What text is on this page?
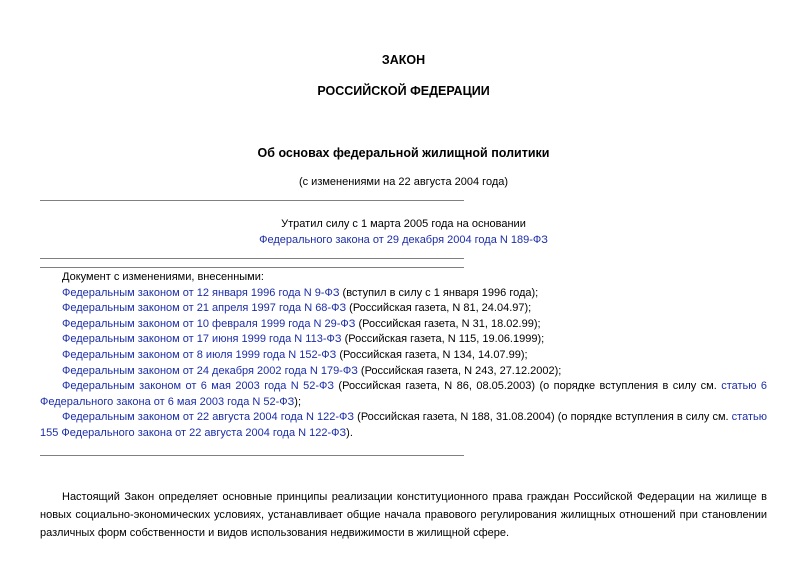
ЗАКОН
РОССИЙСКОЙ ФЕДЕРАЦИИ
Об основах федеральной жилищной политики
(с изменениями на 22 августа 2004 года)
Утратил силу с 1 марта 2005 года на основании
Федерального закона от 29 декабря 2004 года N 189-ФЗ
Документ с изменениями, внесенными:
Федеральным законом от 12 января 1996 года N 9-ФЗ (вступил в силу с 1 января 1996 года);
Федеральным законом от 21 апреля 1997 года N 68-ФЗ (Российская газета, N 81, 24.04.97);
Федеральным законом от 10 февраля 1999 года N 29-ФЗ (Российская газета, N 31, 18.02.99);
Федеральным законом от 17 июня 1999 года N 113-ФЗ (Российская газета, N 115, 19.06.1999);
Федеральным законом от 8 июля 1999 года N 152-ФЗ (Российская газета, N 134, 14.07.99);
Федеральным законом от 24 декабря 2002 года N 179-ФЗ (Российская газета, N 243, 27.12.2002);
Федеральным законом от 6 мая 2003 года N 52-ФЗ (Российская газета, N 86, 08.05.2003) (о порядке вступления в силу см. статью 6 Федерального закона от 6 мая 2003 года N 52-ФЗ);
Федеральным законом от 22 августа 2004 года N 122-ФЗ (Российская газета, N 188, 31.08.2004) (о порядке вступления в силу см. статью 155 Федерального закона от 22 августа 2004 года N 122-ФЗ).
Настоящий Закон определяет основные принципы реализации конституционного права граждан Российской Федерации на жилище в новых социально-экономических условиях, устанавливает общие начала правового регулирования жилищных отношений при становлении различных форм собственности и видов использования недвижимости в жилищной сфере.
